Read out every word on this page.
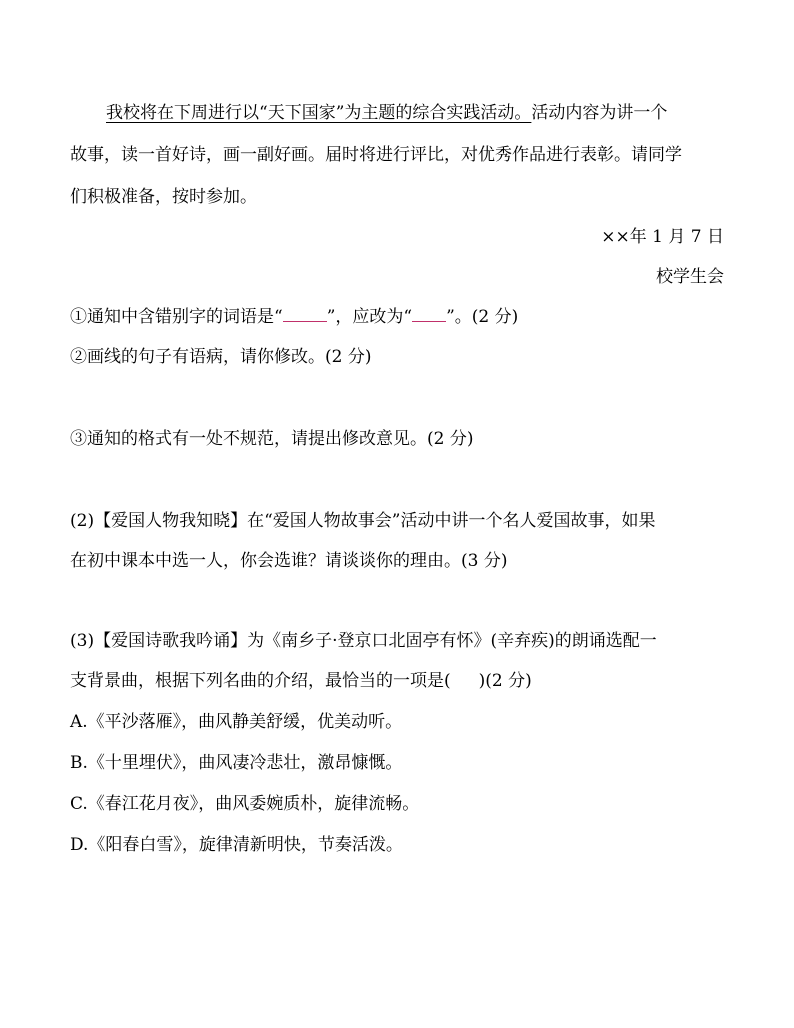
我校将在下周进行以“天下国家”为主题的综合实践活动。活动内容为讲一个
故事，读一首好诗，画一副好画。届时将进行评比，对优秀作品进行表彰。请同学
们积极准备，按时参加。
××年 1 月 7 日
校学生会
①通知中含错别字的词语是“	”，应改为“ ”。(2 分)
②画线的句子有语病，请你修改。(2 分)
③通知的格式有一处不规范，请提出修改意见。(2 分)
(2)【爱国人物我知晓】在“爱国人物故事会”活动中讲一个名人爱国故事，如果
在初中课本中选一人，你会选谁？请谈谈你的理由。(3 分)
(3)【爱国诗歌我吟诵】为《南乡子·登京口北固亭有怀》(辛弃疾)的朗诵选配一
支背景曲，根据下列名曲的介绍，最恰当的一项是( )(2 分)
A.《平沙落雁》，曲风静美舒缓，优美动听。
B.《十里埋伏》，曲风凄冷悲壮，激昂慷慨。
C.《春江花月夜》，曲风委婉质朴，旋律流畅。
D.《阳春白雪》，旋律清新明快，节奏活泼。
